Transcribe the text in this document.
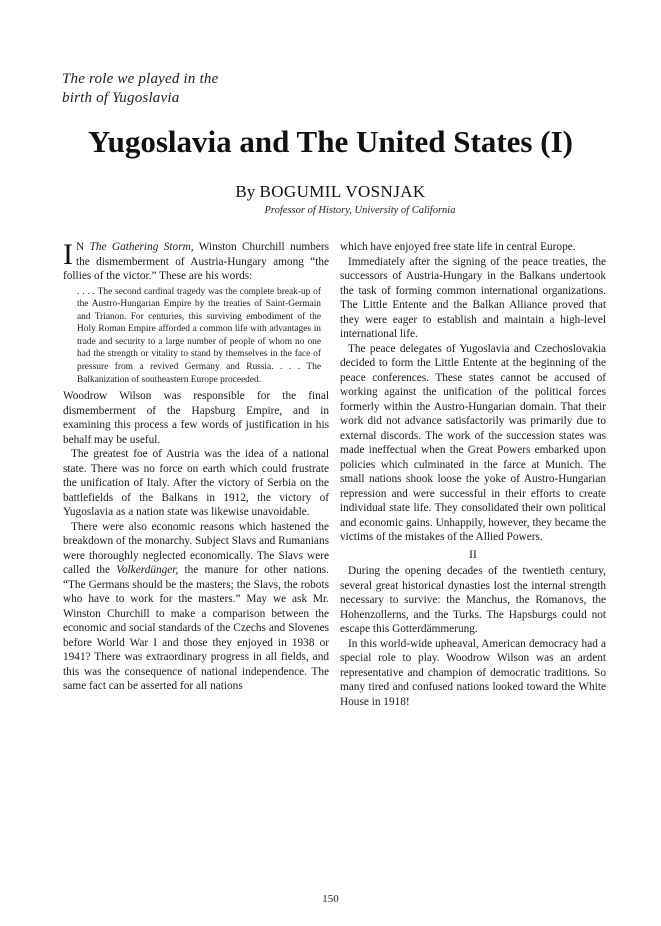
The role we played in the
birth of Yugoslavia
Yugoslavia and The United States (I)
By BOGUMIL VOSNJAK
Professor of History, University of California

I N The Gathering Storm, Winston Churchill numbers the dismemberment of Austria-Hungary among “the follies of the victor.” These are his words:

. . . . The second cardinal tragedy was the complete break-up of the Austro-Hungarian Empire by the treaties of Saint-Germain and Trianon. For centuries, this surviving embodiment of the Holy Roman Empire afforded a common life with advantages in trade and security to a large number of people of whom no one had the strength or vitality to stand by themselves in the face of pressure from a revived Germany and Russia. . . . The Balkanization of southeastern Europe proceeded.

Woodrow Wilson was responsible for the final dismemberment of the Hapsburg Empire, and in examining this process a few words of justification in his behalf may be useful.

The greatest foe of Austria was the idea of a national state. There was no force on earth which could frustrate the unification of Italy. After the victory of Serbia on the battlefields of the Balkans in 1912, the victory of Yugoslavia as a nation state was likewise unavoidable.

There were also economic reasons which hastened the breakdown of the monarchy. Subject Slavs and Rumanians were thoroughly neglected economically. The Slavs were called the Volkerdünger, the manure for other nations. “The Germans should be the masters; the Slavs, the robots who have to work for the masters.” May we ask Mr. Winston Churchill to make a comparison between the economic and social standards of the Czechs and Slovenes before World War I and those they enjoyed in 1938 or 1941? There was extraordinary progress in all fields, and this was the consequence of national independence. The same fact can be asserted for all nations

which have enjoyed free state life in central Europe.

Immediately after the signing of the peace treaties, the successors of Austria-Hungary in the Balkans undertook the task of forming common international organizations. The Little Entente and the Balkan Alliance proved that they were eager to establish and maintain a high-level international life.

The peace delegates of Yugoslavia and Czechoslovakia decided to form the Little Entente at the beginning of the peace conferences. These states cannot be accused of working against the unification of the political forces formerly within the Austro-Hungarian domain. That their work did not advance satisfactorily was primarily due to external discords. The work of the succession states was made ineffectual when the Great Powers embarked upon policies which culminated in the farce at Munich. The small nations shook loose the yoke of Austro-Hungarian repression and were successful in their efforts to create individual state life. They consolidated their own political and economic gains. Unhappily, however, they became the victims of the mistakes of the Allied Powers.

II

During the opening decades of the twentieth century, several great historical dynasties lost the internal strength necessary to survive: the Manchus, the Romanovs, the Hohenzollerns, and the Turks. The Hapsburgs could not escape this Gotterdämmerung.

In this world-wide upheaval, American democracy had a special role to play. Woodrow Wilson was an ardent representative and champion of democratic traditions. So many tired and confused nations looked toward the White House in 1918!

150
